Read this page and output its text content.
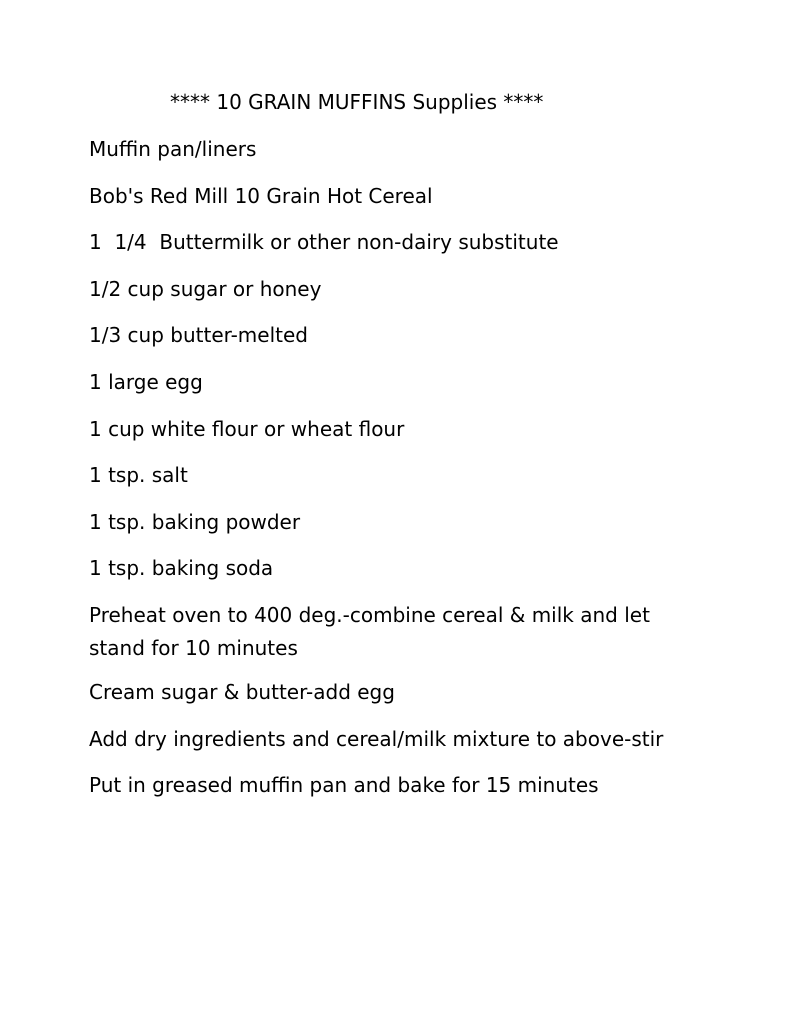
**** 10 GRAIN MUFFINS Supplies ****
Muffin pan/liners
Bob's Red Mill 10 Grain Hot Cereal
1  1/4  Buttermilk or other non-dairy substitute
1/2 cup sugar or honey
1/3 cup butter-melted
1 large egg
1 cup white flour or wheat flour
1 tsp. salt
1 tsp. baking powder
1 tsp. baking soda
Preheat oven to 400 deg.-combine cereal & milk and let stand for 10 minutes
Cream sugar & butter-add egg
Add dry ingredients and cereal/milk mixture to above-stir
Put in greased muffin pan and bake for 15 minutes
